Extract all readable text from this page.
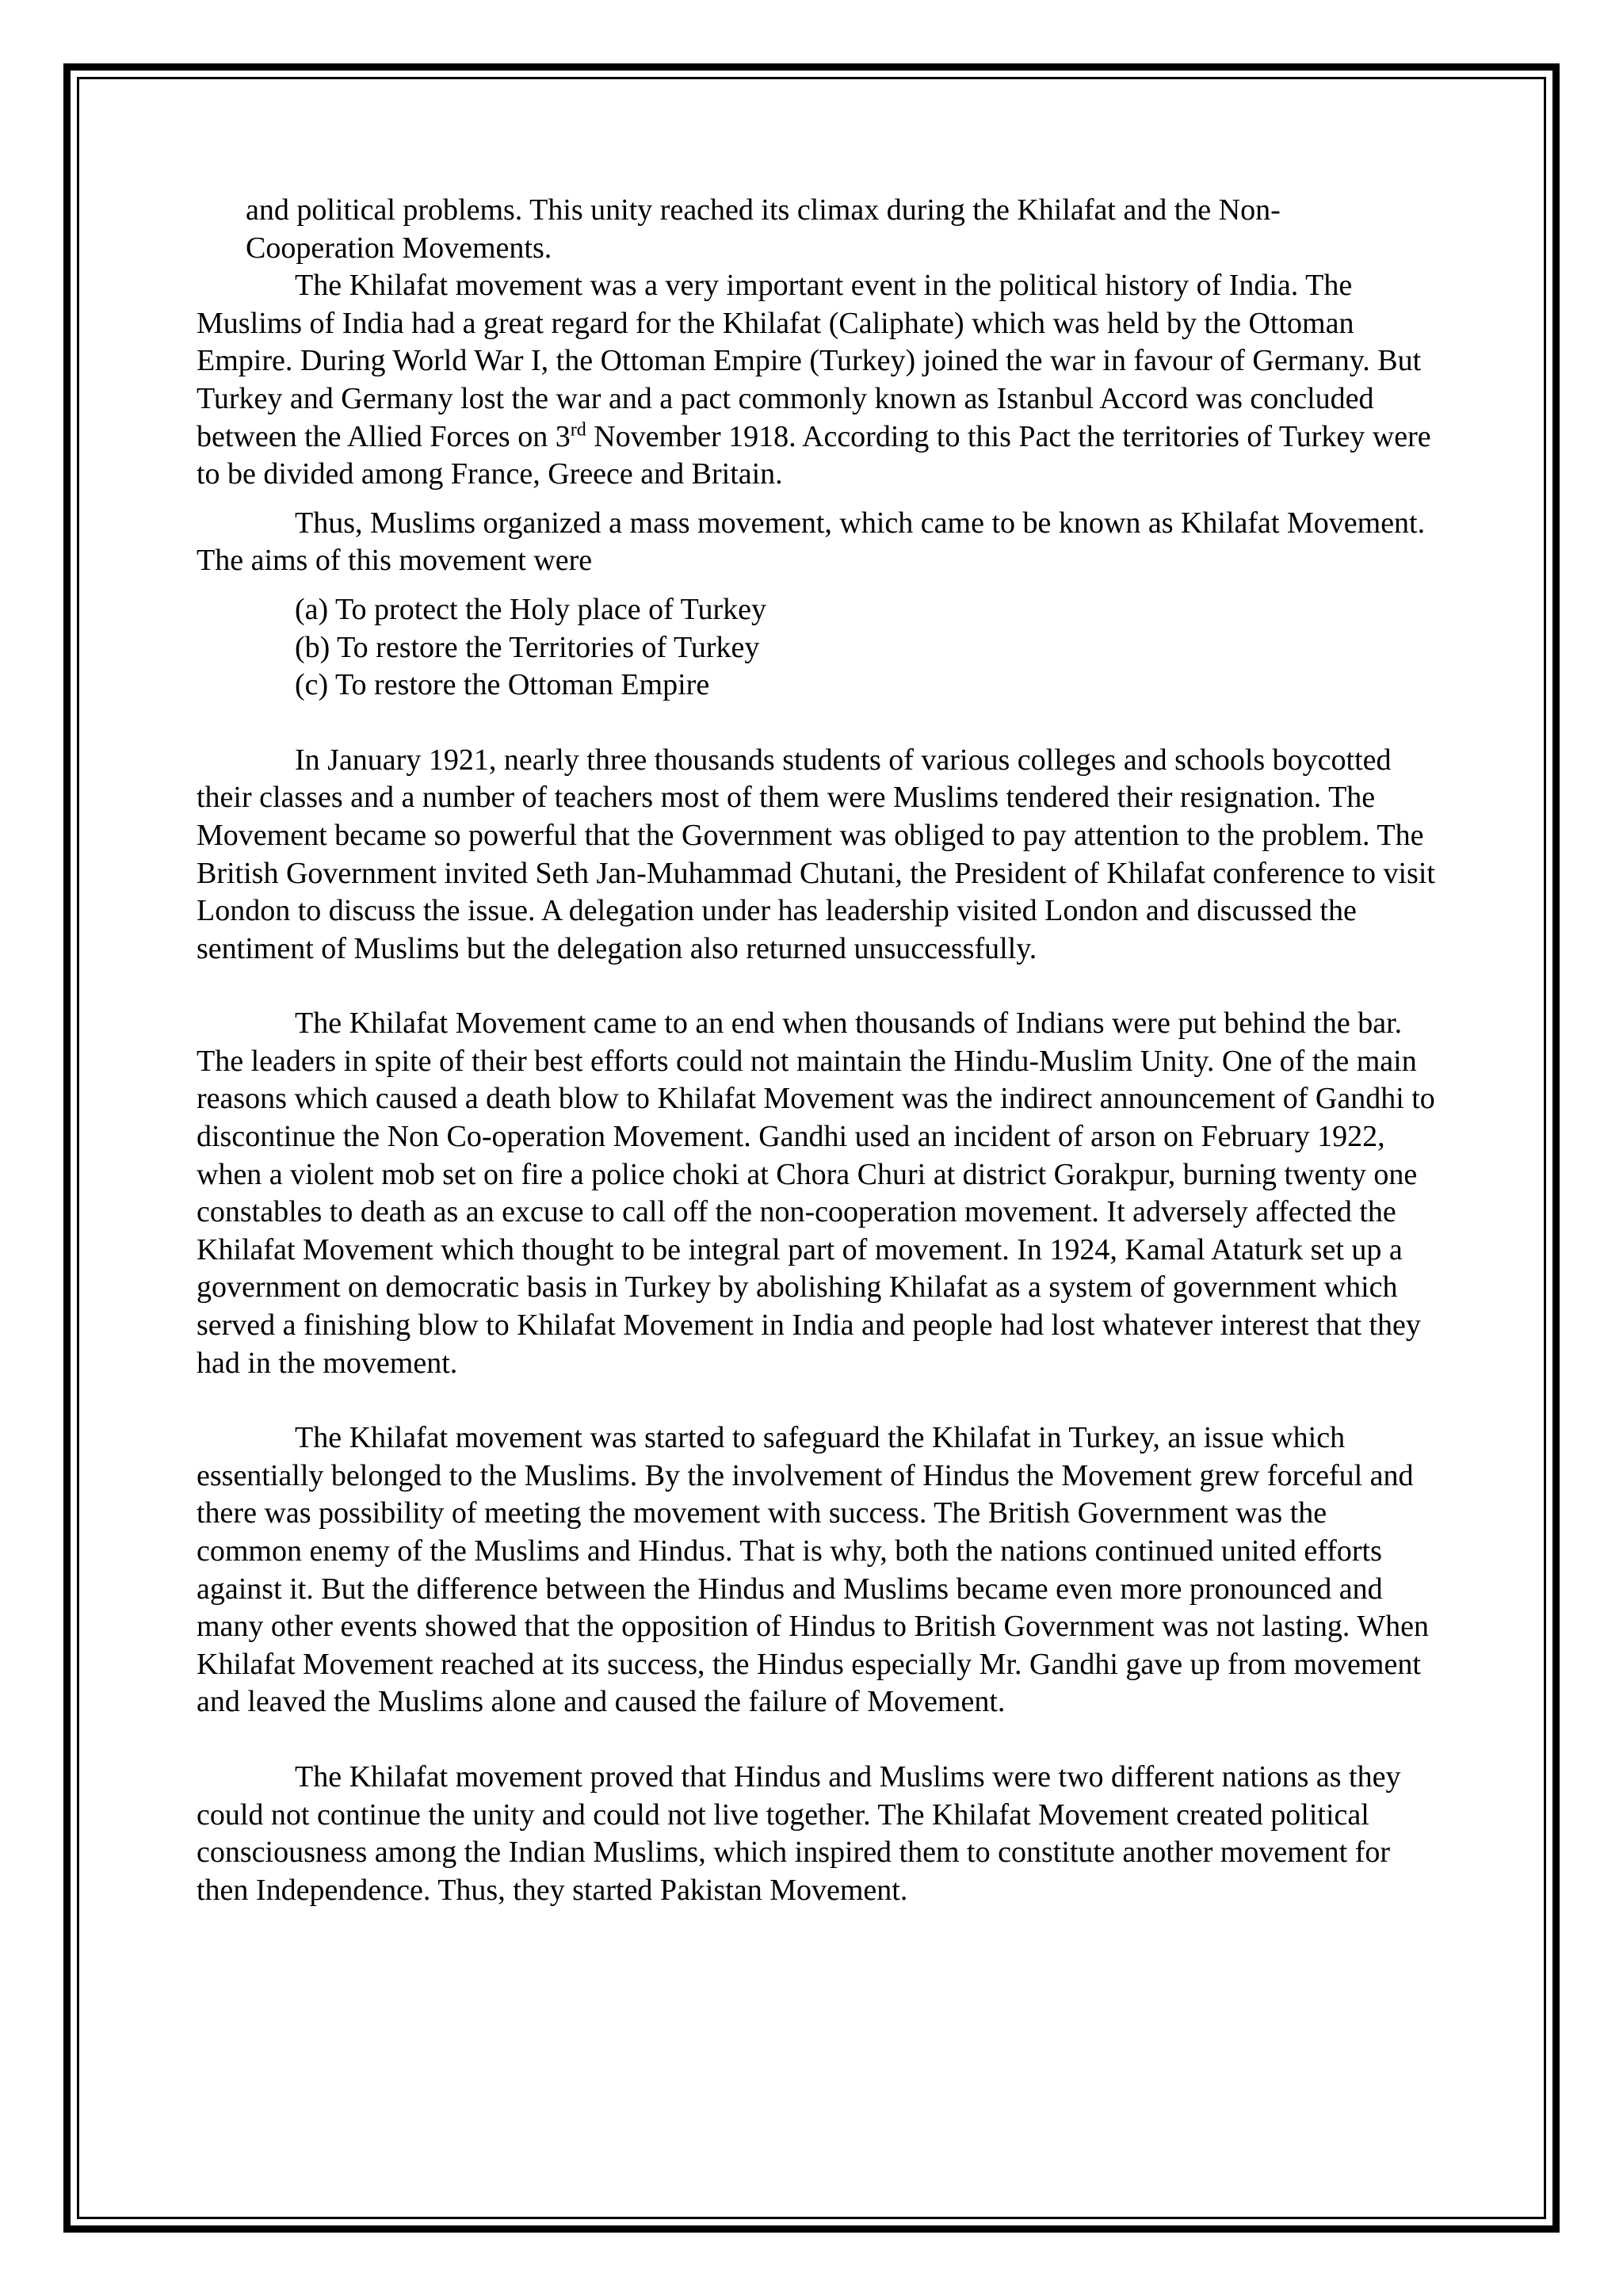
and political problems. This unity reached its climax during the Khilafat and the Non-

Cooperation Movements.

The Khilafat movement was a very important event in the political history of India. The Muslims of India had a great regard for the Khilafat (Caliphate) which was held by the Ottoman Empire. During World War I, the Ottoman Empire (Turkey) joined the war in favour of Germany. But Turkey and Germany lost the war and a pact commonly known as Istanbul Accord was concluded between the Allied Forces on 3rd November 1918. According to this Pact the territories of Turkey were to be divided among France, Greece and Britain.

Thus, Muslims organized a mass movement, which came to be known as Khilafat Movement. The aims of this movement were

(a) To protect the Holy place of Turkey
(b) To restore the Territories of Turkey
(c) To restore the Ottoman Empire

In January 1921, nearly three thousands students of various colleges and schools boycotted their classes and a number of teachers most of them were Muslims tendered their resignation. The Movement became so powerful that the Government was obliged to pay attention to the problem. The British Government invited Seth Jan-Muhammad Chutani, the President of Khilafat conference to visit London to discuss the issue. A delegation under has leadership visited London and discussed the sentiment of Muslims but the delegation also returned unsuccessfully.

The Khilafat Movement came to an end when thousands of Indians were put behind the bar. The leaders in spite of their best efforts could not maintain the Hindu-Muslim Unity. One of the main reasons which caused a death blow to Khilafat Movement was the indirect announcement of Gandhi to discontinue the Non Co-operation Movement. Gandhi used an incident of arson on February 1922, when a violent mob set on fire a police choki at Chora Churi at district Gorakpur, burning twenty one constables to death as an excuse to call off the non-cooperation movement. It adversely affected the Khilafat Movement which thought to be integral part of movement. In 1924, Kamal Ataturk set up a government on democratic basis in Turkey by abolishing Khilafat as a system of government which served a finishing blow to Khilafat Movement in India and people had lost whatever interest that they had in the movement.

The Khilafat movement was started to safeguard the Khilafat in Turkey, an issue which essentially belonged to the Muslims. By the involvement of Hindus the Movement grew forceful and there was possibility of meeting the movement with success. The British Government was the common enemy of the Muslims and Hindus. That is why, both the nations continued united efforts against it. But the difference between the Hindus and Muslims became even more pronounced and many other events showed that the opposition of Hindus to British Government was not lasting. When Khilafat Movement reached at its success, the Hindus especially Mr. Gandhi gave up from movement and leaved the Muslims alone and caused the failure of Movement.

The Khilafat movement proved that Hindus and Muslims were two different nations as they could not continue the unity and could not live together. The Khilafat Movement created political consciousness among the Indian Muslims, which inspired them to constitute another movement for then Independence. Thus, they started Pakistan Movement.
